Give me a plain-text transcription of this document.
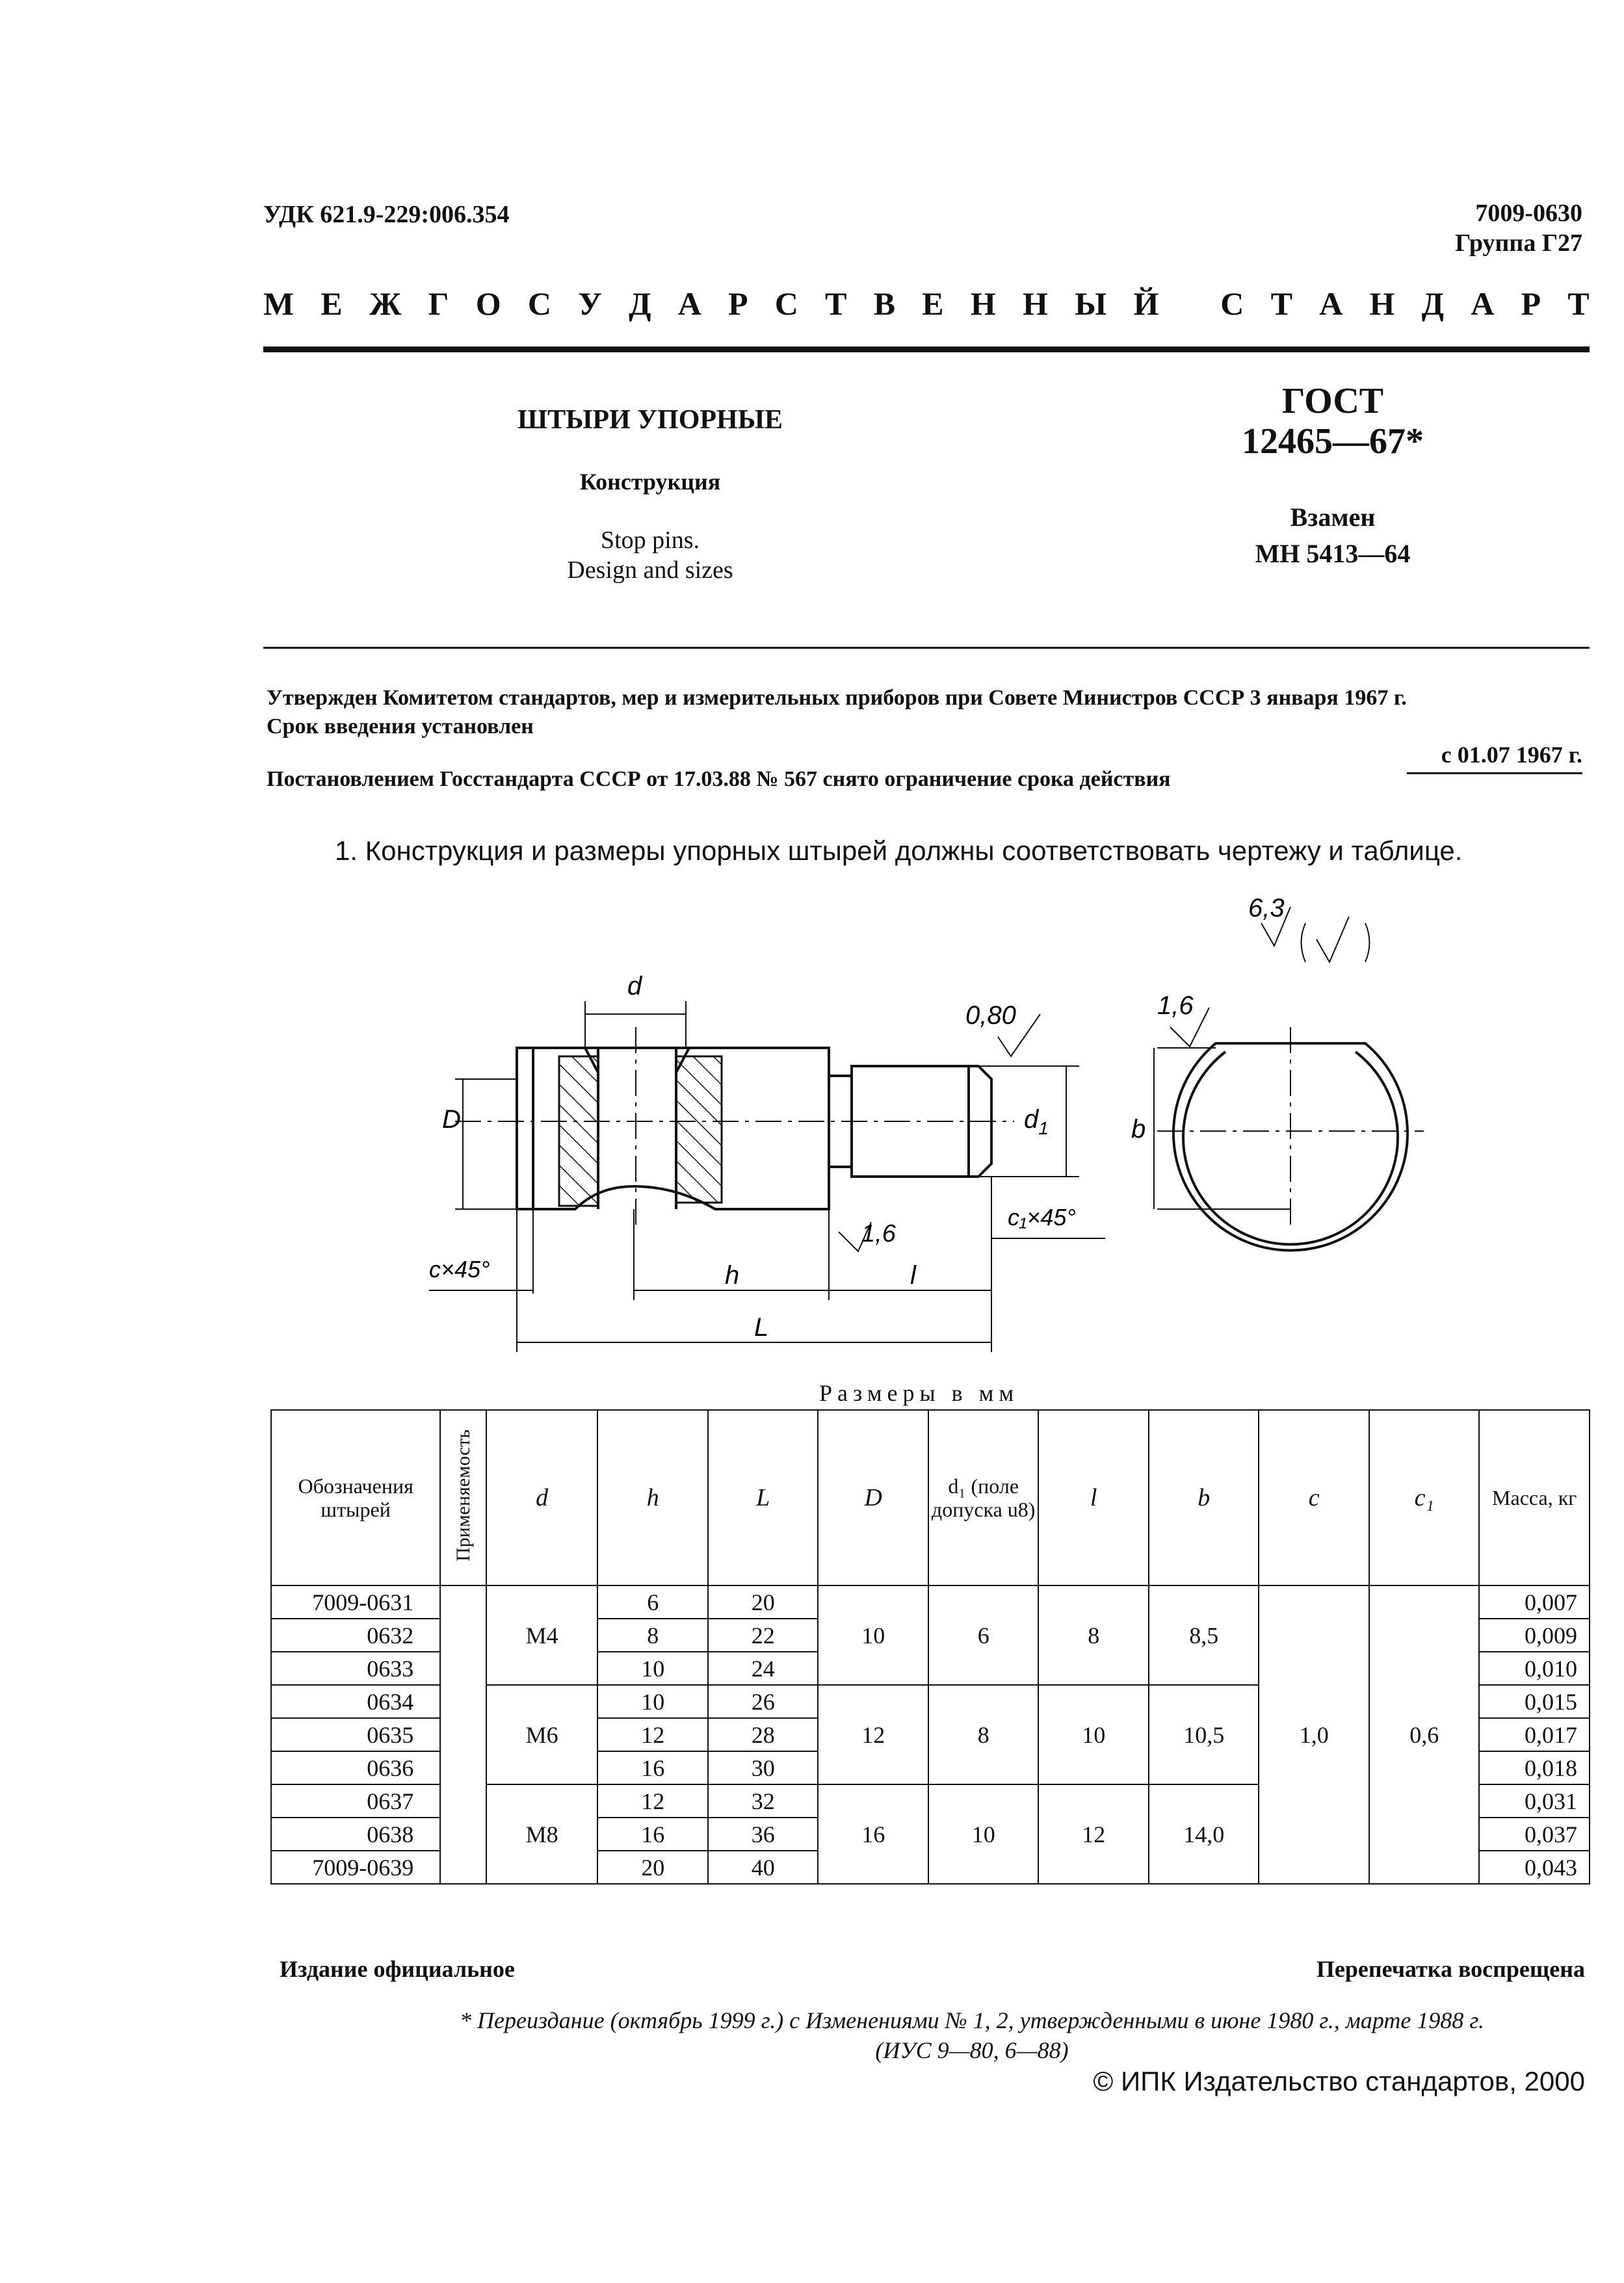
УДК 621.9-229:006.354	7009-0630
Группа Г27
М Е Ж Г О С У Д А Р С Т В Е Н Н Ы Й
С Т А Н Д А Р Т
ШТЫРИ УПОРНЫЕ
Конструкция
Stop pins.
Design and sizes
ГОСТ
12465—67*
Взамен
МН 5413—64
Утвержден Комитетом стандартов, мер и измерительных приборов при Совете Министров СССР 3 января 1967 г.
Срок введения установлен
с 01.07 1967 г.
Постановлением Госстандарта СССР от 17.03.88 № 567 снято ограничение срока действия
1. Конструкция и размеры упорных штырей должны соответствовать чертежу и таблице.
6,3
0,80	1,6
1,6
d
D	$d_1$	b
c×45°
c₁×45°
h	l
L
Размеры в мм
Обозначения штырей	Применяемость	d	h	L	D	d₁ (поле допуска u8)	l	b	c	c₁	Масса, кг
7009-0631		M4	6	20	10	6	8	8,5	1,0	0,6	0,007
0632			8	22							0,009
0633			10	24							0,010
0634		M6	10	26	12	8	10	10,5			0,015
0635			12	28							0,017
0636			16	30							0,018
0637		M8	12	32	16	10	12	14,0			0,031
0638			16	36							0,037
7009-0639			20	40							0,043
Издание официальное	Перепечатка воспрещена
* Переиздание (октябрь 1999 г.) с Изменениями № 1, 2, утвержденными в июне 1980 г., марте 1988 г.
(ИУС 9—80, 6—88)
© ИПК Издательство стандартов, 2000
